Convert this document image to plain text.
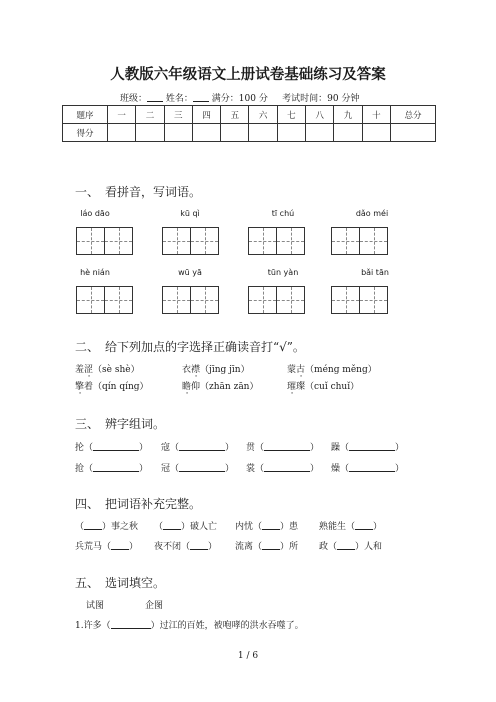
人教版六年级语文上册试卷基础练习及答案
班级： 姓名： 满分：100 分 考试时间：90 分钟
题序	一	二	三	四	五	六	七	八	九	十	总分
得分											
一、　看拼音，写词语。
láo dāo	kū qì	tī chú	dǎo méi
hè nián	wū yā	tūn yàn	bǎi tān
二、　给下列加点的字选择正确读音打“√”。
羞涩（sè shè）	衣襟（jīng jīn）	蒙古（méng měng）
擎着（qín qíng）	瞻仰（zhān zān）	璀璨（cuǐ chuǐ）
三、　辨字组词。
抡（	） 寇（	） 贯（	） 躁（	）
抢（	） 冠（	） 裳（	） 燥（	）
四、　把词语补充完整。
（ ）事之秋 （ ）破人亡 内忧（ ）患 熟能生（ ）
兵荒马（ ） 夜不闭（ ） 流离（ ）所 政（ ）人和
五、　选词填空。
试图	企图
1.许多（	）过江的百姓，被咆哮的洪水吞噬了。
1 / 6
